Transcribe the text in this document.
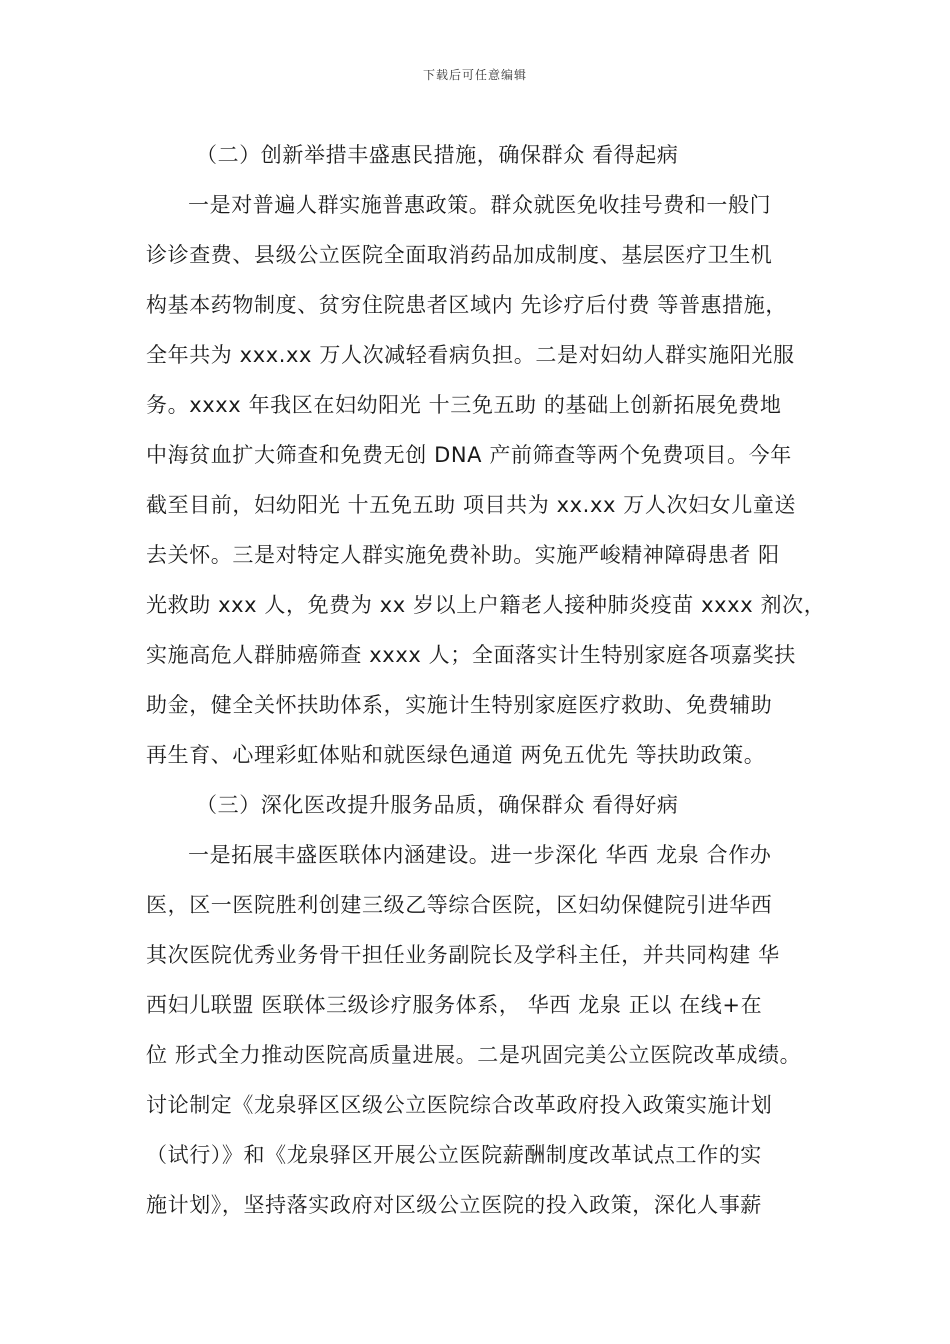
下载后可任意编辑
（二）创新举措丰盛惠民措施，确保群众 看得起病
一是对普遍人群实施普惠政策。群众就医免收挂号费和一般门
诊诊查费、县级公立医院全面取消药品加成制度、基层医疗卫生机
构基本药物制度、贫穷住院患者区域内 先诊疗后付费 等普惠措施，
全年共为 xxx.xx 万人次减轻看病负担。二是对妇幼人群实施阳光服
务。xxxx 年我区在妇幼阳光 十三免五助 的基础上创新拓展免费地
中海贫血扩大筛查和免费无创 DNA 产前筛查等两个免费项目。今年
截至目前，妇幼阳光 十五免五助 项目共为 xx.xx 万人次妇女儿童送
去关怀。三是对特定人群实施免费补助。实施严峻精神障碍患者 阳
光救助 xxx 人，免费为 xx 岁以上户籍老人接种肺炎疫苗 xxxx 剂次，
实施高危人群肺癌筛查 xxxx 人；全面落实计生特别家庭各项嘉奖扶
助金，健全关怀扶助体系，实施计生特别家庭医疗救助、免费辅助
再生育、心理彩虹体贴和就医绿色通道 两免五优先 等扶助政策。
（三）深化医改提升服务品质，确保群众 看得好病
一是拓展丰盛医联体内涵建设。进一步深化 华西 龙泉 合作办
医，区一医院胜利创建三级乙等综合医院，区妇幼保健院引进华西
其次医院优秀业务骨干担任业务副院长及学科主任，并共同构建 华
西妇儿联盟 医联体三级诊疗服务体系， 华西 龙泉 正以 在线+在
位 形式全力推动医院高质量进展。二是巩固完美公立医院改革成绩。
讨论制定《龙泉驿区区级公立医院综合改革政府投入政策实施计划
（试行）》和《龙泉驿区开展公立医院薪酬制度改革试点工作的实
施计划》，坚持落实政府对区级公立医院的投入政策，深化人事薪
